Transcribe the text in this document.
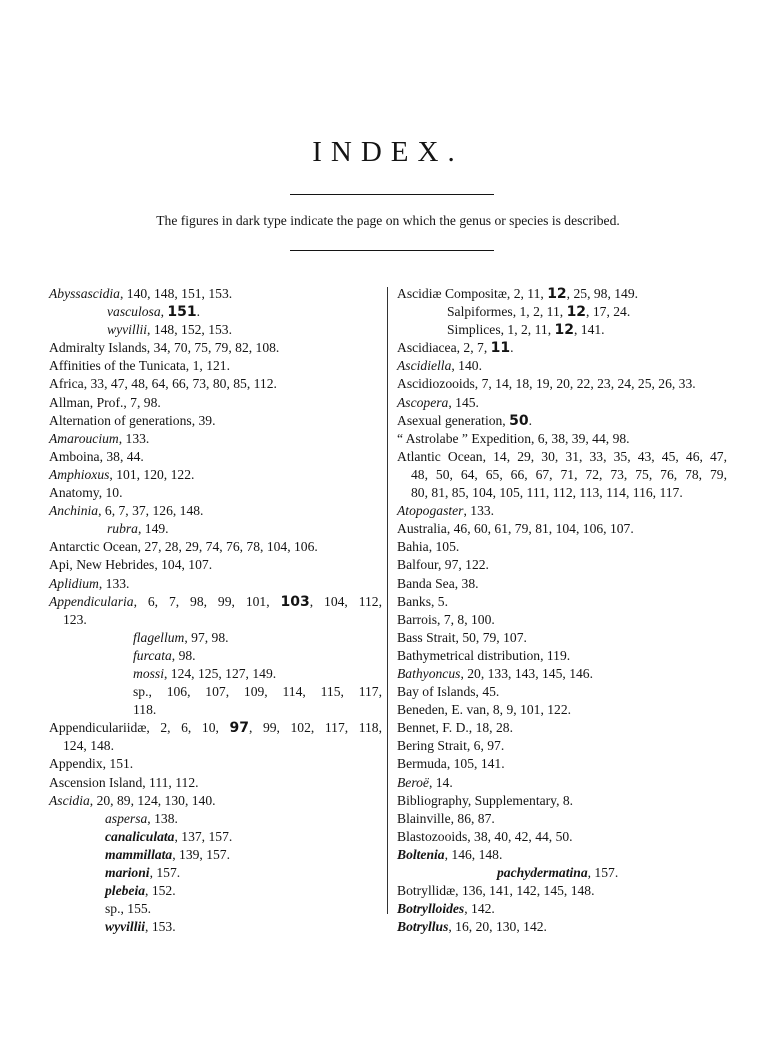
INDEX.
The figures in dark type indicate the page on which the genus or species is described.
Abyssascidia, 140, 148, 151, 153.
vasculosa, 151.
wyvillii, 148, 152, 153.
Admiralty Islands, 34, 70, 75, 79, 82, 108.
Affinities of the Tunicata, 1, 121.
Africa, 33, 47, 48, 64, 66, 73, 80, 85, 112.
Allman, Prof., 7, 98.
Alternation of generations, 39.
Amaroucium, 133.
Amboina, 38, 44.
Amphioxus, 101, 120, 122.
Anatomy, 10.
Anchinia, 6, 7, 37, 126, 148.
rubra, 149.
Antarctic Ocean, 27, 28, 29, 74, 76, 78, 104, 106.
Api, New Hebrides, 104, 107.
Aplidium, 133.
Appendicularia, 6, 7, 98, 99, 101, 103, 104, 112,
123.
flagellum, 97, 98.
furcata, 98.
mossi, 124, 125, 127, 149.
sp., 106, 107, 109, 114, 115, 117,
118.
Appendiculariidæ, 2, 6, 10, 97, 99, 102, 117, 118,
124, 148.
Appendix, 151.
Ascension Island, 111, 112.
Ascidia, 20, 89, 124, 130, 140.
aspersa, 138.
canaliculata, 137, 157.
mammillata, 139, 157.
marioni, 157.
plebeia, 152.
sp., 155.
wyvillii, 153.
Ascidiæ Compositæ, 2, 11, 12, 25, 98, 149.
Salpiformes, 1, 2, 11, 12, 17, 24.
Simplices, 1, 2, 11, 12, 141.
Ascidiacea, 2, 7, 11.
Ascidiella, 140.
Ascidiozooids, 7, 14, 18, 19, 20, 22, 23, 24, 25, 26, 33.
Ascopera, 145.
Asexual generation, 50.
“ Astrolabe ” Expedition, 6, 38, 39, 44, 98.
Atlantic Ocean, 14, 29, 30, 31, 33, 35, 43, 45, 46, 47,
48, 50, 64, 65, 66, 67, 71, 72, 73, 75, 76, 78, 79,
80, 81, 85, 104, 105, 111, 112, 113, 114, 116, 117.
Atopogaster, 133.
Australia, 46, 60, 61, 79, 81, 104, 106, 107.
Bahia, 105.
Balfour, 97, 122.
Banda Sea, 38.
Banks, 5.
Barrois, 7, 8, 100.
Bass Strait, 50, 79, 107.
Bathymetrical distribution, 119.
Bathyoncus, 20, 133, 143, 145, 146.
Bay of Islands, 45.
Beneden, E. van, 8, 9, 101, 122.
Bennet, F. D., 18, 28.
Bering Strait, 6, 97.
Bermuda, 105, 141.
Beroë, 14.
Bibliography, Supplementary, 8.
Blainville, 86, 87.
Blastozooids, 38, 40, 42, 44, 50.
Boltenia, 146, 148.
pachydermatina, 157.
Botryllidæ, 136, 141, 142, 145, 148.
Botrylloides, 142.
Botryllus, 16, 20, 130, 142.
